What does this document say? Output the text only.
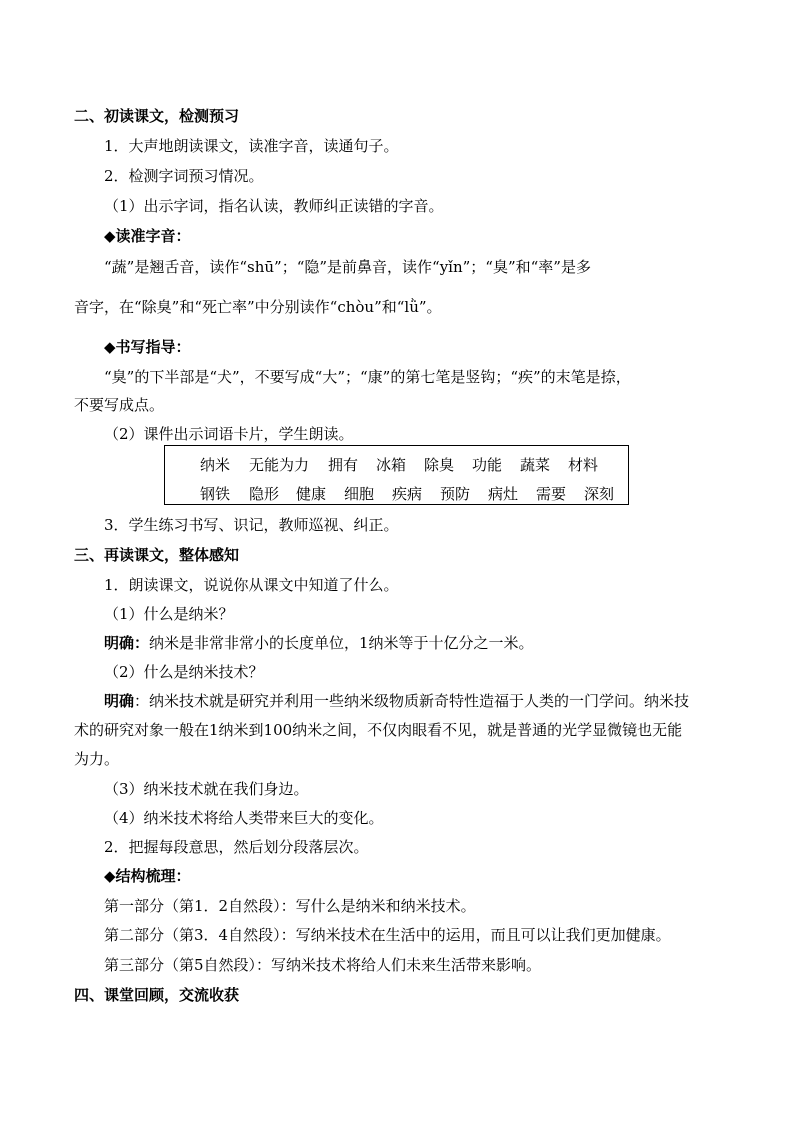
二、初读课文，检测预习
1．大声地朗读课文，读准字音，读通句子。
2．检测字词预习情况。
（1）出示字词，指名认读，教师纠正读错的字音。
◆读准字音：
“蔬”是翘舌音，读作“shū”；“隐”是前鼻音，读作“yǐn”；“臭”和“率”是多
音字，在“除臭”和“死亡率”中分别读作“chòu”和“lǜ”。
◆书写指导：
“臭”的下半部是“犬”，不要写成“大”；“康”的第七笔是竖钩；“疾”的末笔是捺，
不要写成点。
（2）课件出示词语卡片，学生朗读。
纳米 无能为力 拥有 冰箱 除臭 功能 蔬菜 材料
钢铁 隐形 健康 细胞 疾病 预防 病灶 需要 深刻
3．学生练习书写、识记，教师巡视、纠正。
三、再读课文，整体感知
1．朗读课文，说说你从课文中知道了什么。
（1）什么是纳米？
明确：纳米是非常非常小的长度单位，1纳米等于十亿分之一米。
（2）什么是纳米技术？
明确：纳米技术就是研究并利用一些纳米级物质新奇特性造福于人类的一门学问。纳米技
术的研究对象一般在1纳米到100纳米之间，不仅肉眼看不见，就是普通的光学显微镜也无能
为力。
（3）纳米技术就在我们身边。
（4）纳米技术将给人类带来巨大的变化。
2．把握每段意思，然后划分段落层次。
◆结构梳理：
第一部分（第1．2自然段）：写什么是纳米和纳米技术。
第二部分（第3．4自然段）：写纳米技术在生活中的运用，而且可以让我们更加健康。
第三部分（第5自然段）：写纳米技术将给人们未来生活带来影响。
四、课堂回顾，交流收获
